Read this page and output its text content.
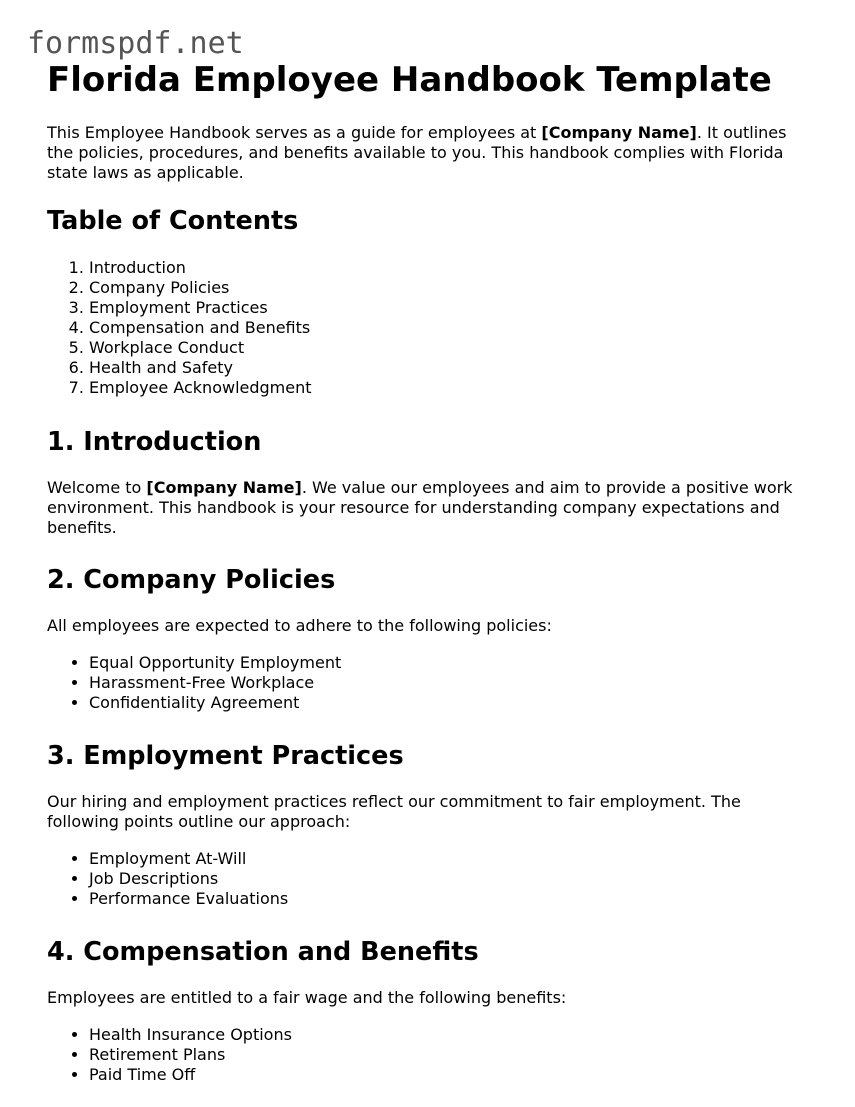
formspdf.net
Florida Employee Handbook Template

This Employee Handbook serves as a guide for employees at [Company Name]. It outlines the policies, procedures, and benefits available to you. This handbook complies with Florida state laws as applicable.

Table of Contents
1. Introduction
2. Company Policies
3. Employment Practices
4. Compensation and Benefits
5. Workplace Conduct
6. Health and Safety
7. Employee Acknowledgment
1. Introduction

Welcome to [Company Name]. We value our employees and aim to provide a positive work environment. This handbook is your resource for understanding company expectations and benefits.

2. Company Policies

All employees are expected to adhere to the following policies:

• Equal Opportunity Employment
• Harassment-Free Workplace
• Confidentiality Agreement
3. Employment Practices

Our hiring and employment practices reflect our commitment to fair employment. The following points outline our approach:

• Employment At-Will
• Job Descriptions
• Performance Evaluations
4. Compensation and Benefits

Employees are entitled to a fair wage and the following benefits:

• Health Insurance Options
• Retirement Plans
• Paid Time Off
